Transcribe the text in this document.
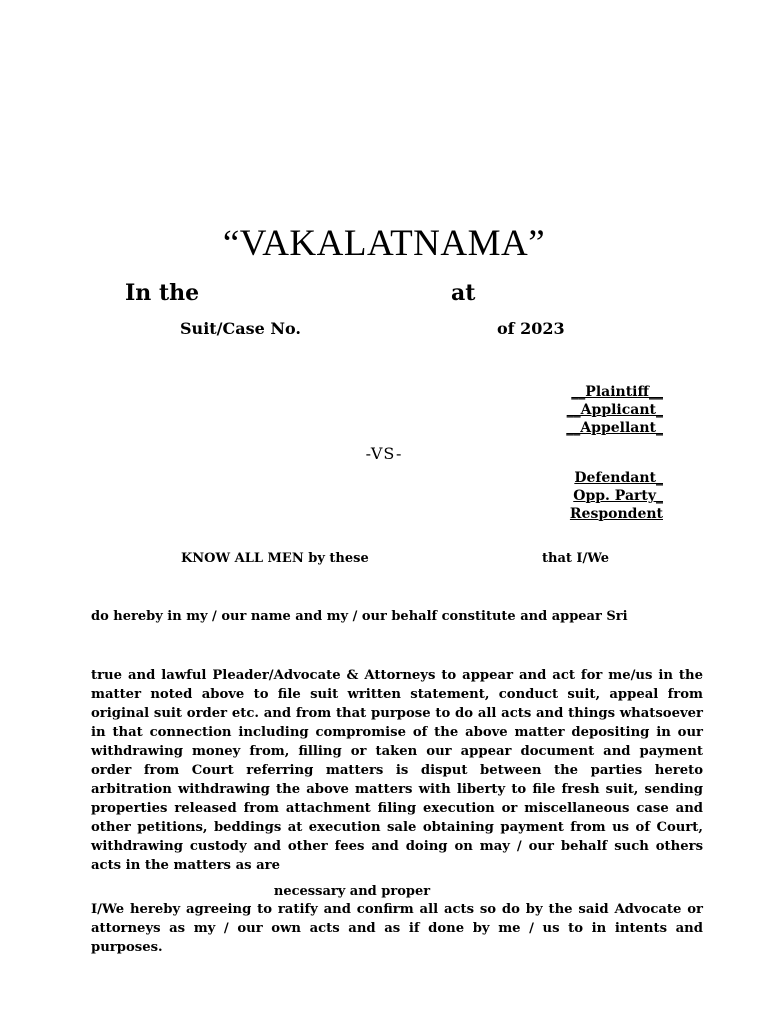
“VAKALATNAMA”
In the	at
Suit/Case No.	of 2023
__Plaintiff__
__Applicant_
__Appellant_
-VS-
Defendant_
Opp. Party_
Respondent
KNOW ALL MEN by these	that I/We
do hereby in my / our name and my / our behalf constitute and appear Sri

true and lawful Pleader/Advocate & Attorneys to appear and act for me/us in the matter noted above to file suit written statement, conduct suit, appeal from original suit order etc. and from that purpose to do all acts and things whatsoever in that connection including compromise of the above matter depositing in our withdrawing money from, filling or taken our appear document and payment order from Court referring matters is disput between the parties hereto arbitration withdrawing the above matters with liberty to file fresh suit, sending properties released from attachment filing execution or miscellaneous case and other petitions, beddings at execution sale obtaining payment from us of Court, withdrawing custody and other fees and doing on may / our behalf such others acts in the matters as are

necessary and proper

I/We hereby agreeing to ratify and confirm all acts so do by the said Advocate or attorneys as my / our own acts and as if done by me / us to in intents and purposes.
